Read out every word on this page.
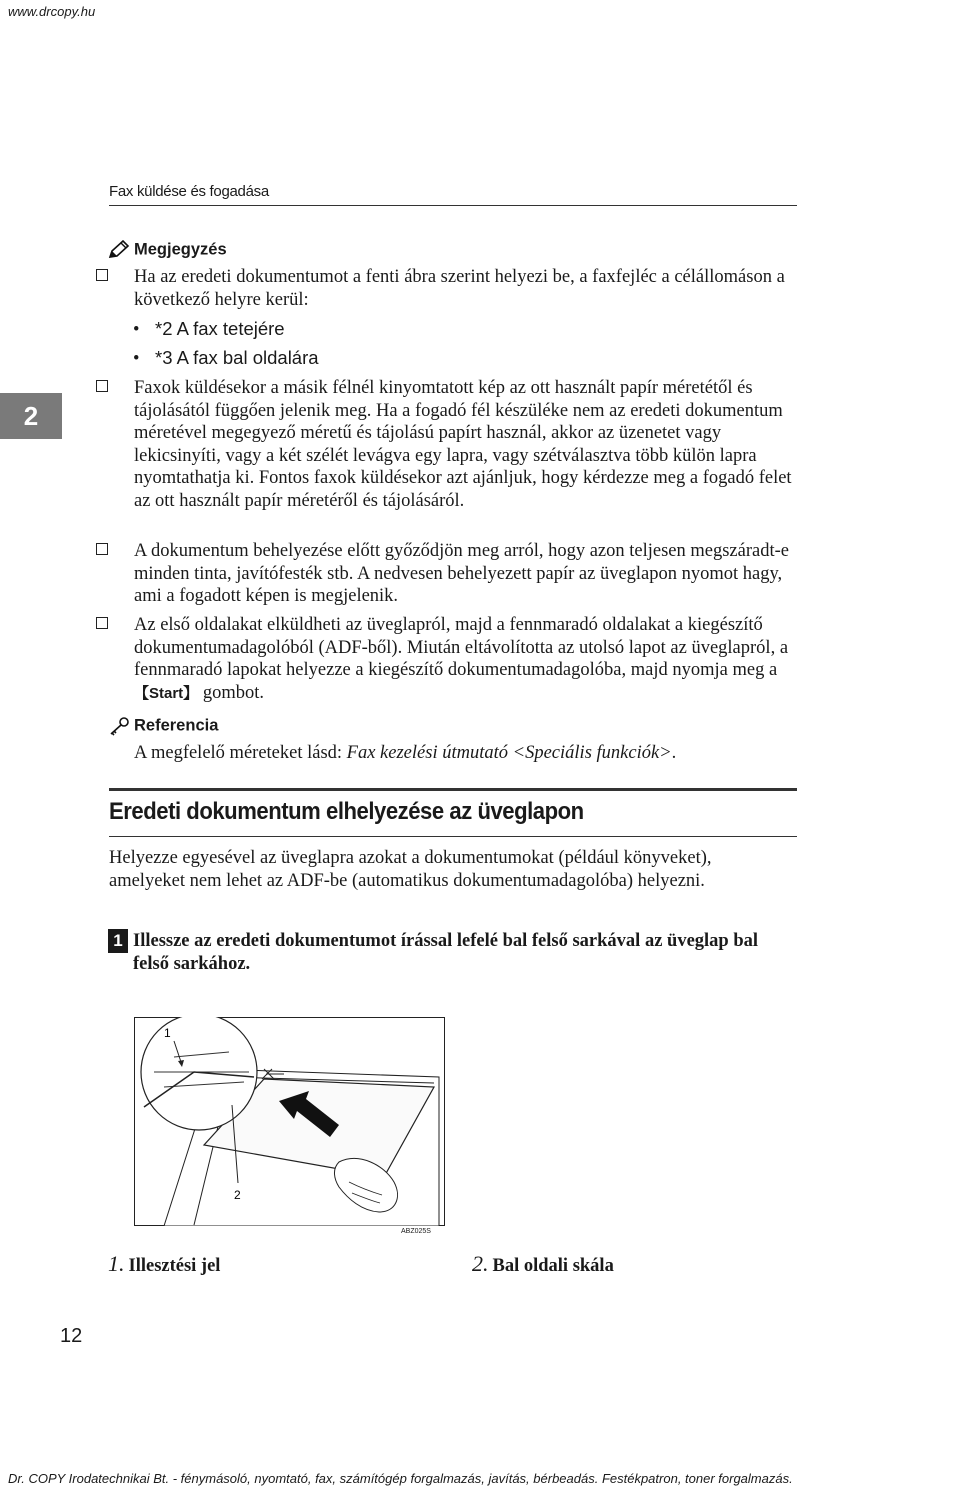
www.drcopy.hu
Fax küldése és fogadása
2
Megjegyzés
Ha az eredeti dokumentumot a fenti ábra szerint helyezi be, a faxfejléc a célállomáson a következő helyre kerül:
• *2 A fax tetejére
• *3 A fax bal oldalára
Faxok küldésekor a másik félnél kinyomtatott kép az ott használt papír méretétől és tájolásától függően jelenik meg. Ha a fogadó fél készüléke nem az eredeti dokumentum méretével megegyező méretű és tájolású papírt használ, akkor az üzenetet vagy lekicsinyíti, vagy a két szélét levágva egy lapra, vagy szétválasztva több külön lapra nyomtathatja ki. Fontos faxok küldésekor azt ajánljuk, hogy kérdezze meg a fogadó felet az ott használt papír méretéről és tájolásáról.
A dokumentum behelyezése előtt győződjön meg arról, hogy azon teljesen megszáradt-e minden tinta, javítófesték stb. A nedvesen behelyezett papír az üveglapon nyomot hagy, ami a fogadott képen is megjelenik.
Az első oldalakat elküldheti az üveglapról, majd a fennmaradó oldalakat a kiegészítő dokumentumadagolóból (ADF-ből). Miután eltávolította az utolsó lapot az üveglapról, a fennmaradó lapokat helyezze a kiegészítő dokumentumadagolóba, majd nyomja meg a 【Start】 gombot.
Referencia
A megfelelő méreteket lásd: Fax kezelési útmutató <Speciális funkciók>.
Eredeti dokumentum elhelyezése az üveglapon
Helyezze egyesével az üveglapra azokat a dokumentumokat (például könyveket), amelyeket nem lehet az ADF-be (automatikus dokumentumadagolóba) helyezni.
1 Illessze az eredeti dokumentumot írással lefelé bal felső sarkával az üveglap bal felső sarkához.
1
2
ABZ025S
1. Illesztési jel	2. Bal oldali skála
12
Dr. COPY Irodatechnikai Bt. - fénymásoló, nyomtató, fax, számítógép forgalmazás, javítás, bérbeadás. Festékpatron, toner forgalmazás.
